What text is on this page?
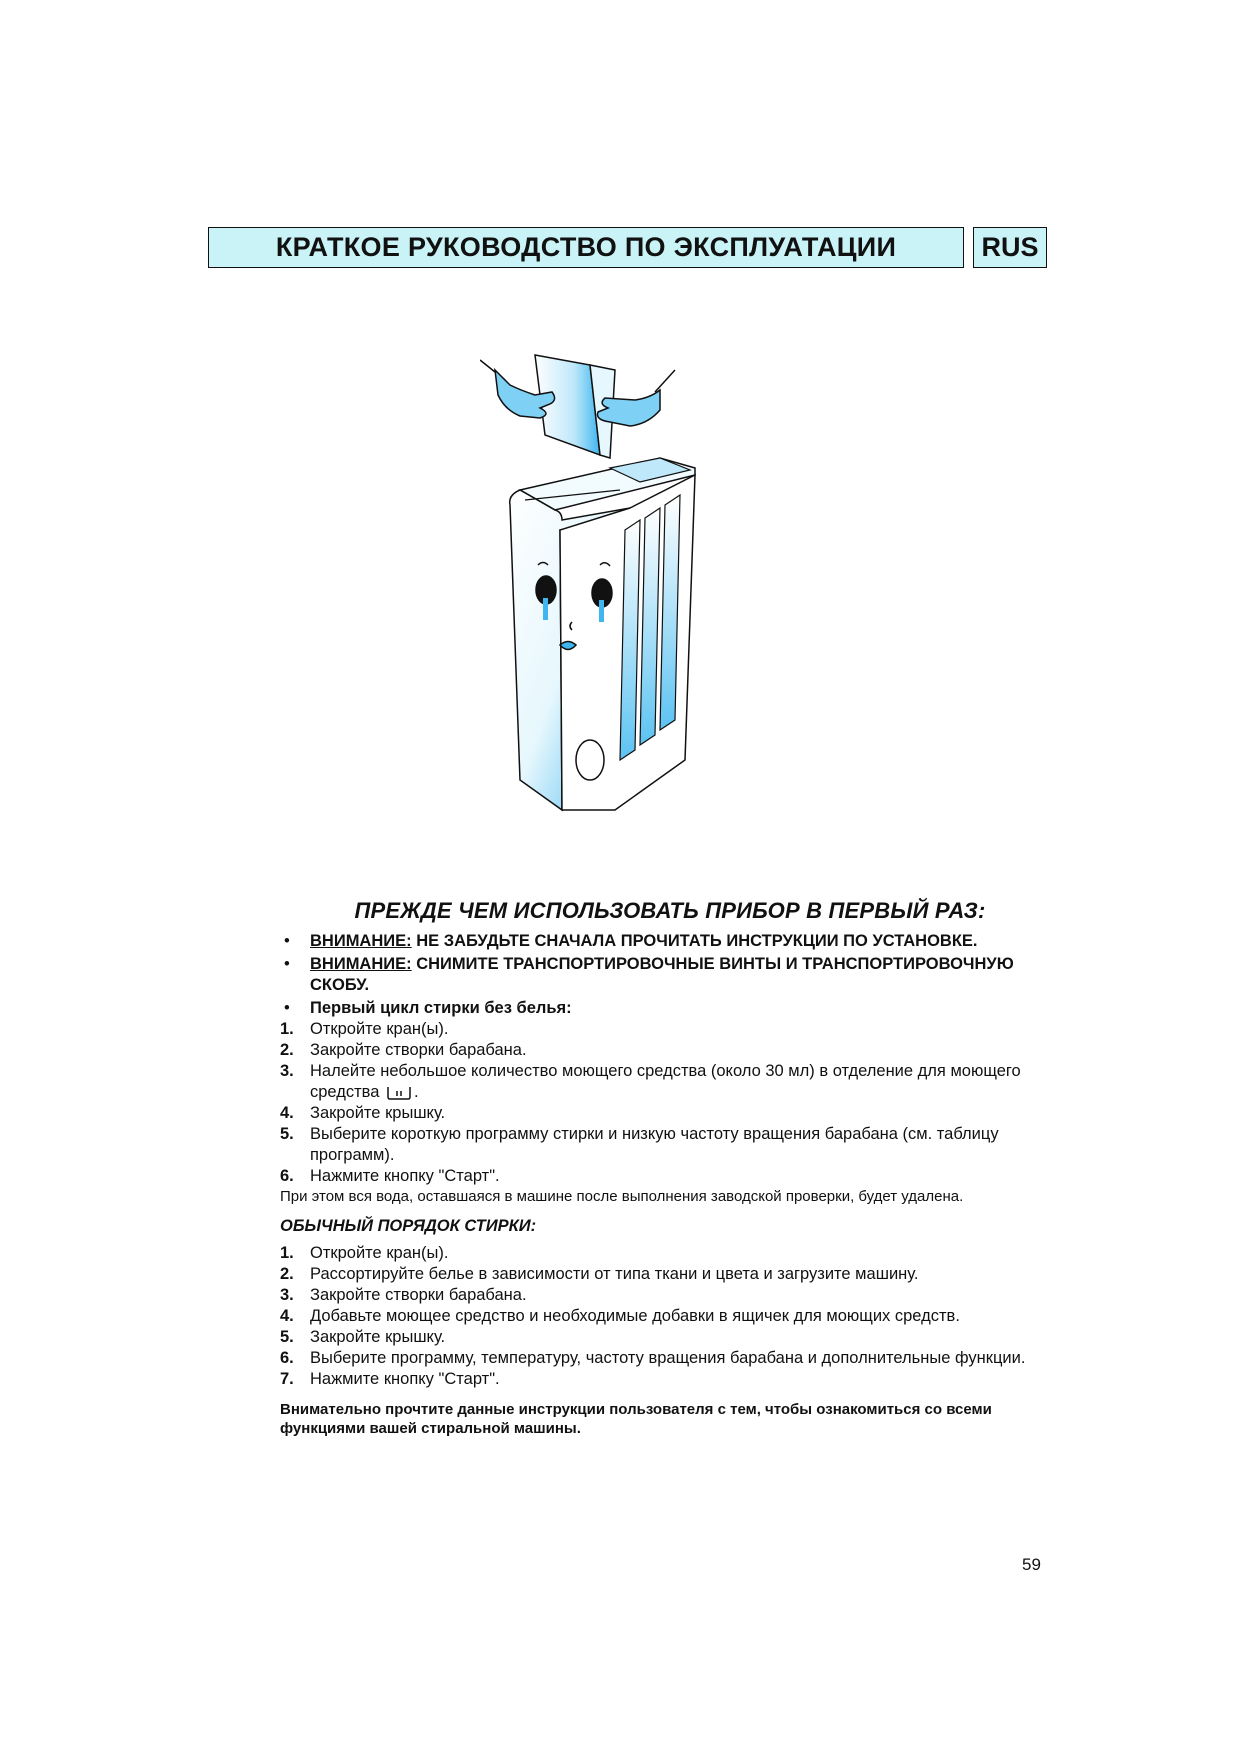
КРАТКОЕ РУКОВОДСТВО ПО ЭКСПЛУАТАЦИИ	RUS
ПРЕЖДЕ ЧЕМ ИСПОЛЬЗОВАТЬ ПРИБОР В ПЕРВЫЙ РАЗ:
•	ВНИМАНИЕ: НЕ ЗАБУДЬТЕ СНАЧАЛА ПРОЧИТАТЬ ИНСТРУКЦИИ ПО УСТАНОВКЕ.
•	ВНИМАНИЕ: СНИМИТЕ ТРАНСПОРТИРОВОЧНЫЕ ВИНТЫ И ТРАНСПОРТИРОВОЧНУЮ СКОБУ.
•	Первый цикл стирки без белья:
1. Откройте кран(ы).
2. Закройте створки барабана.
3. Налейте небольшое количество моющего средства (около 30 мл) в отделение для моющего средства .
4. Закройте крышку.
5. Выберите короткую программу стирки и низкую частоту вращения барабана (см. таблицу программ).
6. Нажмите кнопку "Старт".
При этом вся вода, оставшаяся в машине после выполнения заводской проверки, будет удалена.
ОБЫЧНЫЙ ПОРЯДОК СТИРКИ:
1. Откройте кран(ы).
2. Рассортируйте белье в зависимости от типа ткани и цвета и загрузите машину.
3. Закройте створки барабана.
4. Добавьте моющее средство и необходимые добавки в ящичек для моющих средств.
5. Закройте крышку.
6. Выберите программу, температуру, частоту вращения барабана и дополнительные функции.
7. Нажмите кнопку "Старт".
Внимательно прочтите данные инструкции пользователя с тем, чтобы ознакомиться со всеми функциями вашей стиральной машины.
59
